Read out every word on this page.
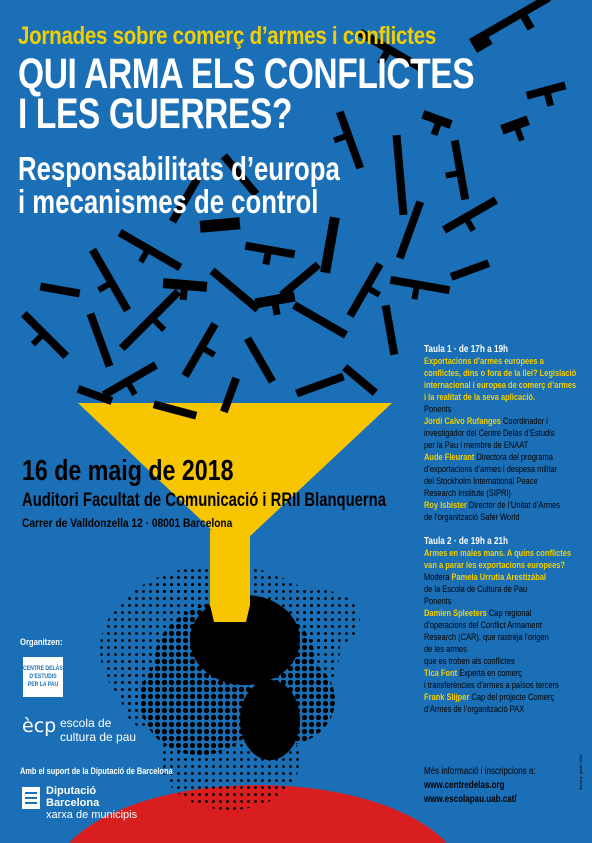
Jornades sobre comerç d’armes i conflictes
QUI ARMA ELS CONFLICTES
I LES GUERRES?
Responsabilitats d’europa
i mecanismes de control
16 de maig de 2018
Auditori Facultat de Comunicació i RRII Blanquerna
Carrer de Valldonzella 12 · 08001 Barcelona
Taula 1 · de 17h a 19h
Exportacions d’armes europees a
conflictes, dins o fora de la llei? Legislació
internacional i europea de comerç d’armes
i la realitat de la seva aplicació.
Ponents
Jordi Calvo Rufanges Coordinador i
investigador del Centre Delàs d’Estudis
per la Pau i membre de ENAAT
Aude Fleurant Directora del programa
d’exportacions d’armes i despesa militar
del Stockholm International Peace
Research Institute (SIPRI)
Roy Isbister Director de l’Unitat d’Armes
de l’organització Safer World
Taula 2 · de 19h a 21h
Armes en males mans. A quins conflictes
van a parar les exportacions europees?
Modera Pamela Urrutia Arestizábal
de la Escola de Cultura de Pau
Ponents
Damien Spleeters Cap regional
d’operacions del Conflict Armament
Research (CAR), que rastreja l’origen
de les armes
que es troben als conflictes
Tica Font Experta en comerç
i transferències d’armes a països tercers
Frank Slijper Cap del projecte Comerç
d’Armes de l’organització PAX
Més informació i inscripcions a:
www.centredelas.org
www.escolapau.uab.cat/
Organitzen:
CENTRE DELÀS
D’ESTUDIS
PER LA PAU
ècp escola de
cultura de pau
Amb el suport de la Diputació de Barcelona
Diputació
Barcelona
xarxa de municipis
disseny: gràfic 2018
